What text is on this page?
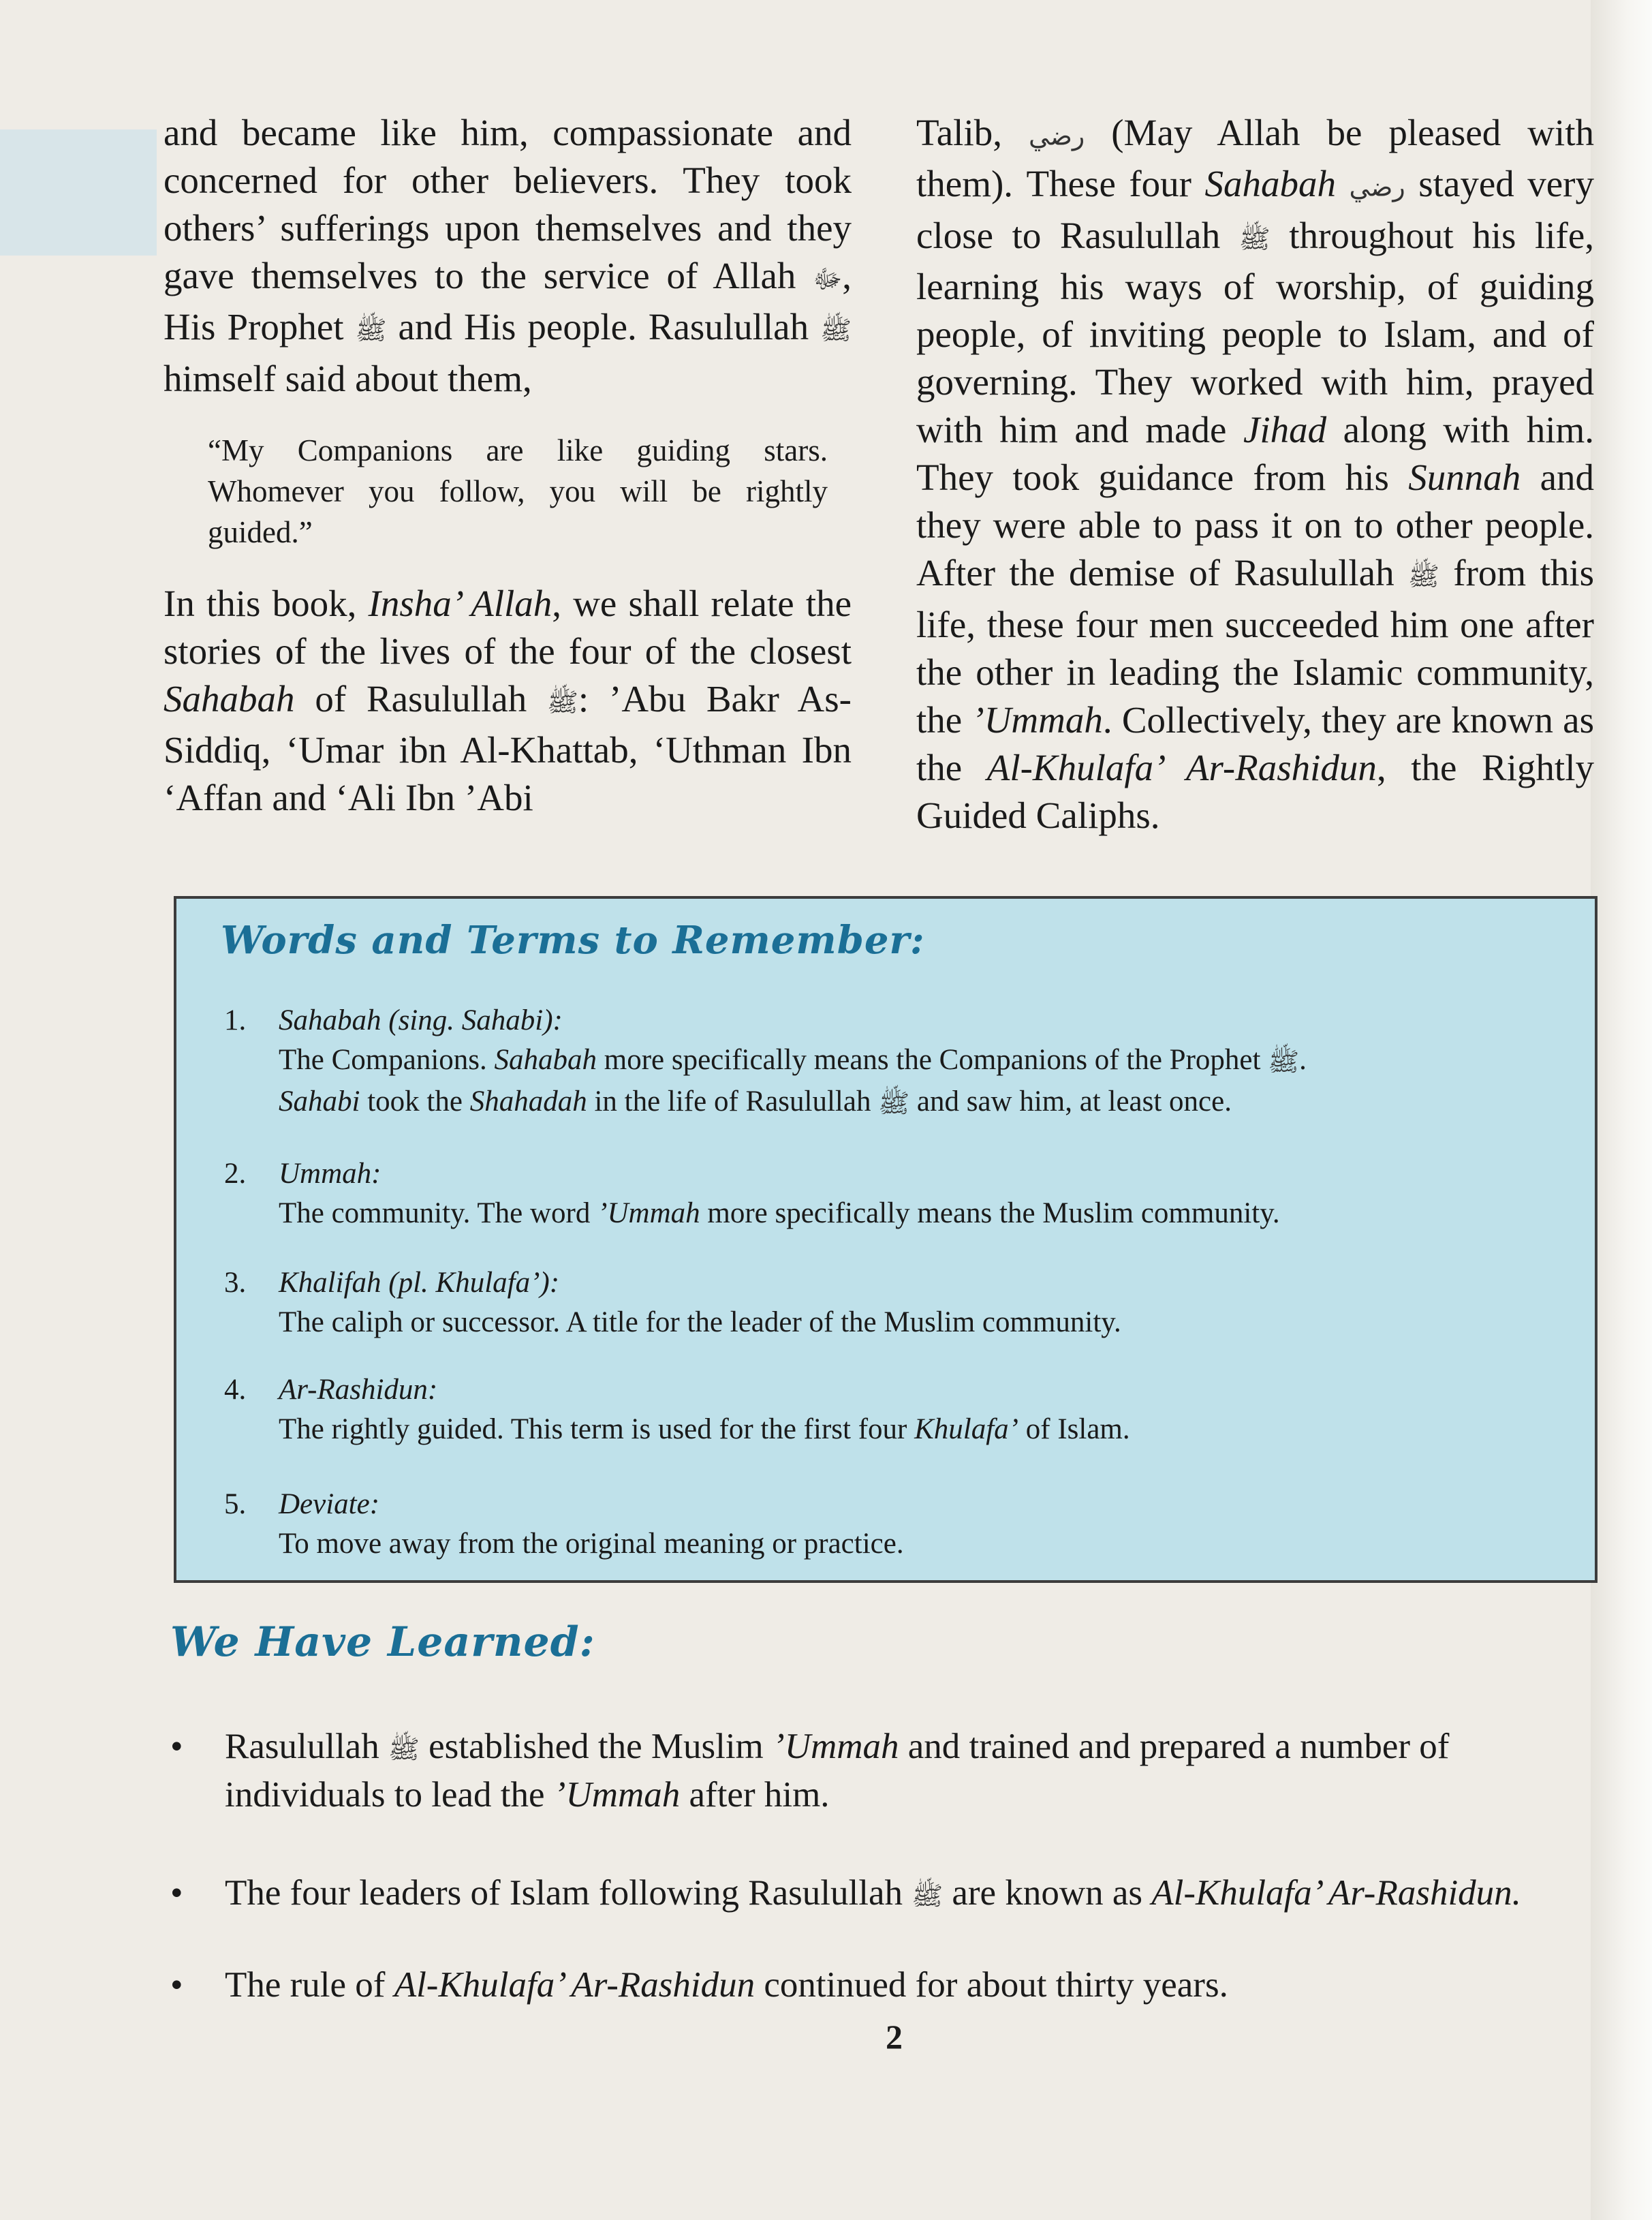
and became like him, compassionate and concerned for other believers. They took others’ sufferings upon themselves and they gave themselves to the service of Allah ﷻ, His Prophet ﷺ and His people. Rasulullah ﷺ himself said about them,

“My Companions are like guiding stars. Whomever you follow, you will be rightly guided.”

In this book, Insha’ Allah, we shall relate the stories of the lives of the four of the closest Sahabah of Rasulullah ﷺ: ’Abu Bakr As-Siddiq, ‘Umar ibn Al-Khattab, ‘Uthman Ibn ‘Affan and ‘Ali Ibn ’Abi

Talib, رضي (May Allah be pleased with them). These four Sahabah رضي stayed very close to Rasulullah ﷺ throughout his life, learning his ways of worship, of guiding people, of inviting people to Islam, and of governing. They worked with him, prayed with him and made Jihad along with him. They took guidance from his Sunnah and they were able to pass it on to other people. After the demise of Rasulullah ﷺ from this life, these four men succeeded him one after the other in leading the Islamic community, the ’Ummah. Collectively, they are known as the Al-Khulafa’ Ar-Rashidun, the Rightly Guided Caliphs.

Words and Terms to Remember:
1. Sahabah (sing. Sahabi):
The Companions. Sahabah more specifically means the Companions of the Prophet ﷺ.
Sahabi took the Shahadah in the life of Rasulullah ﷺ and saw him, at least once.
2. Ummah:
The community. The word ’Ummah more specifically means the Muslim community.
3. Khalifah (pl. Khulafa’):
The caliph or successor. A title for the leader of the Muslim community.
4. Ar-Rashidun:
The rightly guided. This term is used for the first four Khulafa’ of Islam.
5. Deviate:
To move away from the original meaning or practice.
We Have Learned:
• Rasulullah ﷺ established the Muslim ’Ummah and trained and prepared a number of individuals to lead the ’Ummah after him.
• The four leaders of Islam following Rasulullah ﷺ are known as Al-Khulafa’ Ar-Rashidun.
• The rule of Al-Khulafa’ Ar-Rashidun continued for about thirty years.
2
